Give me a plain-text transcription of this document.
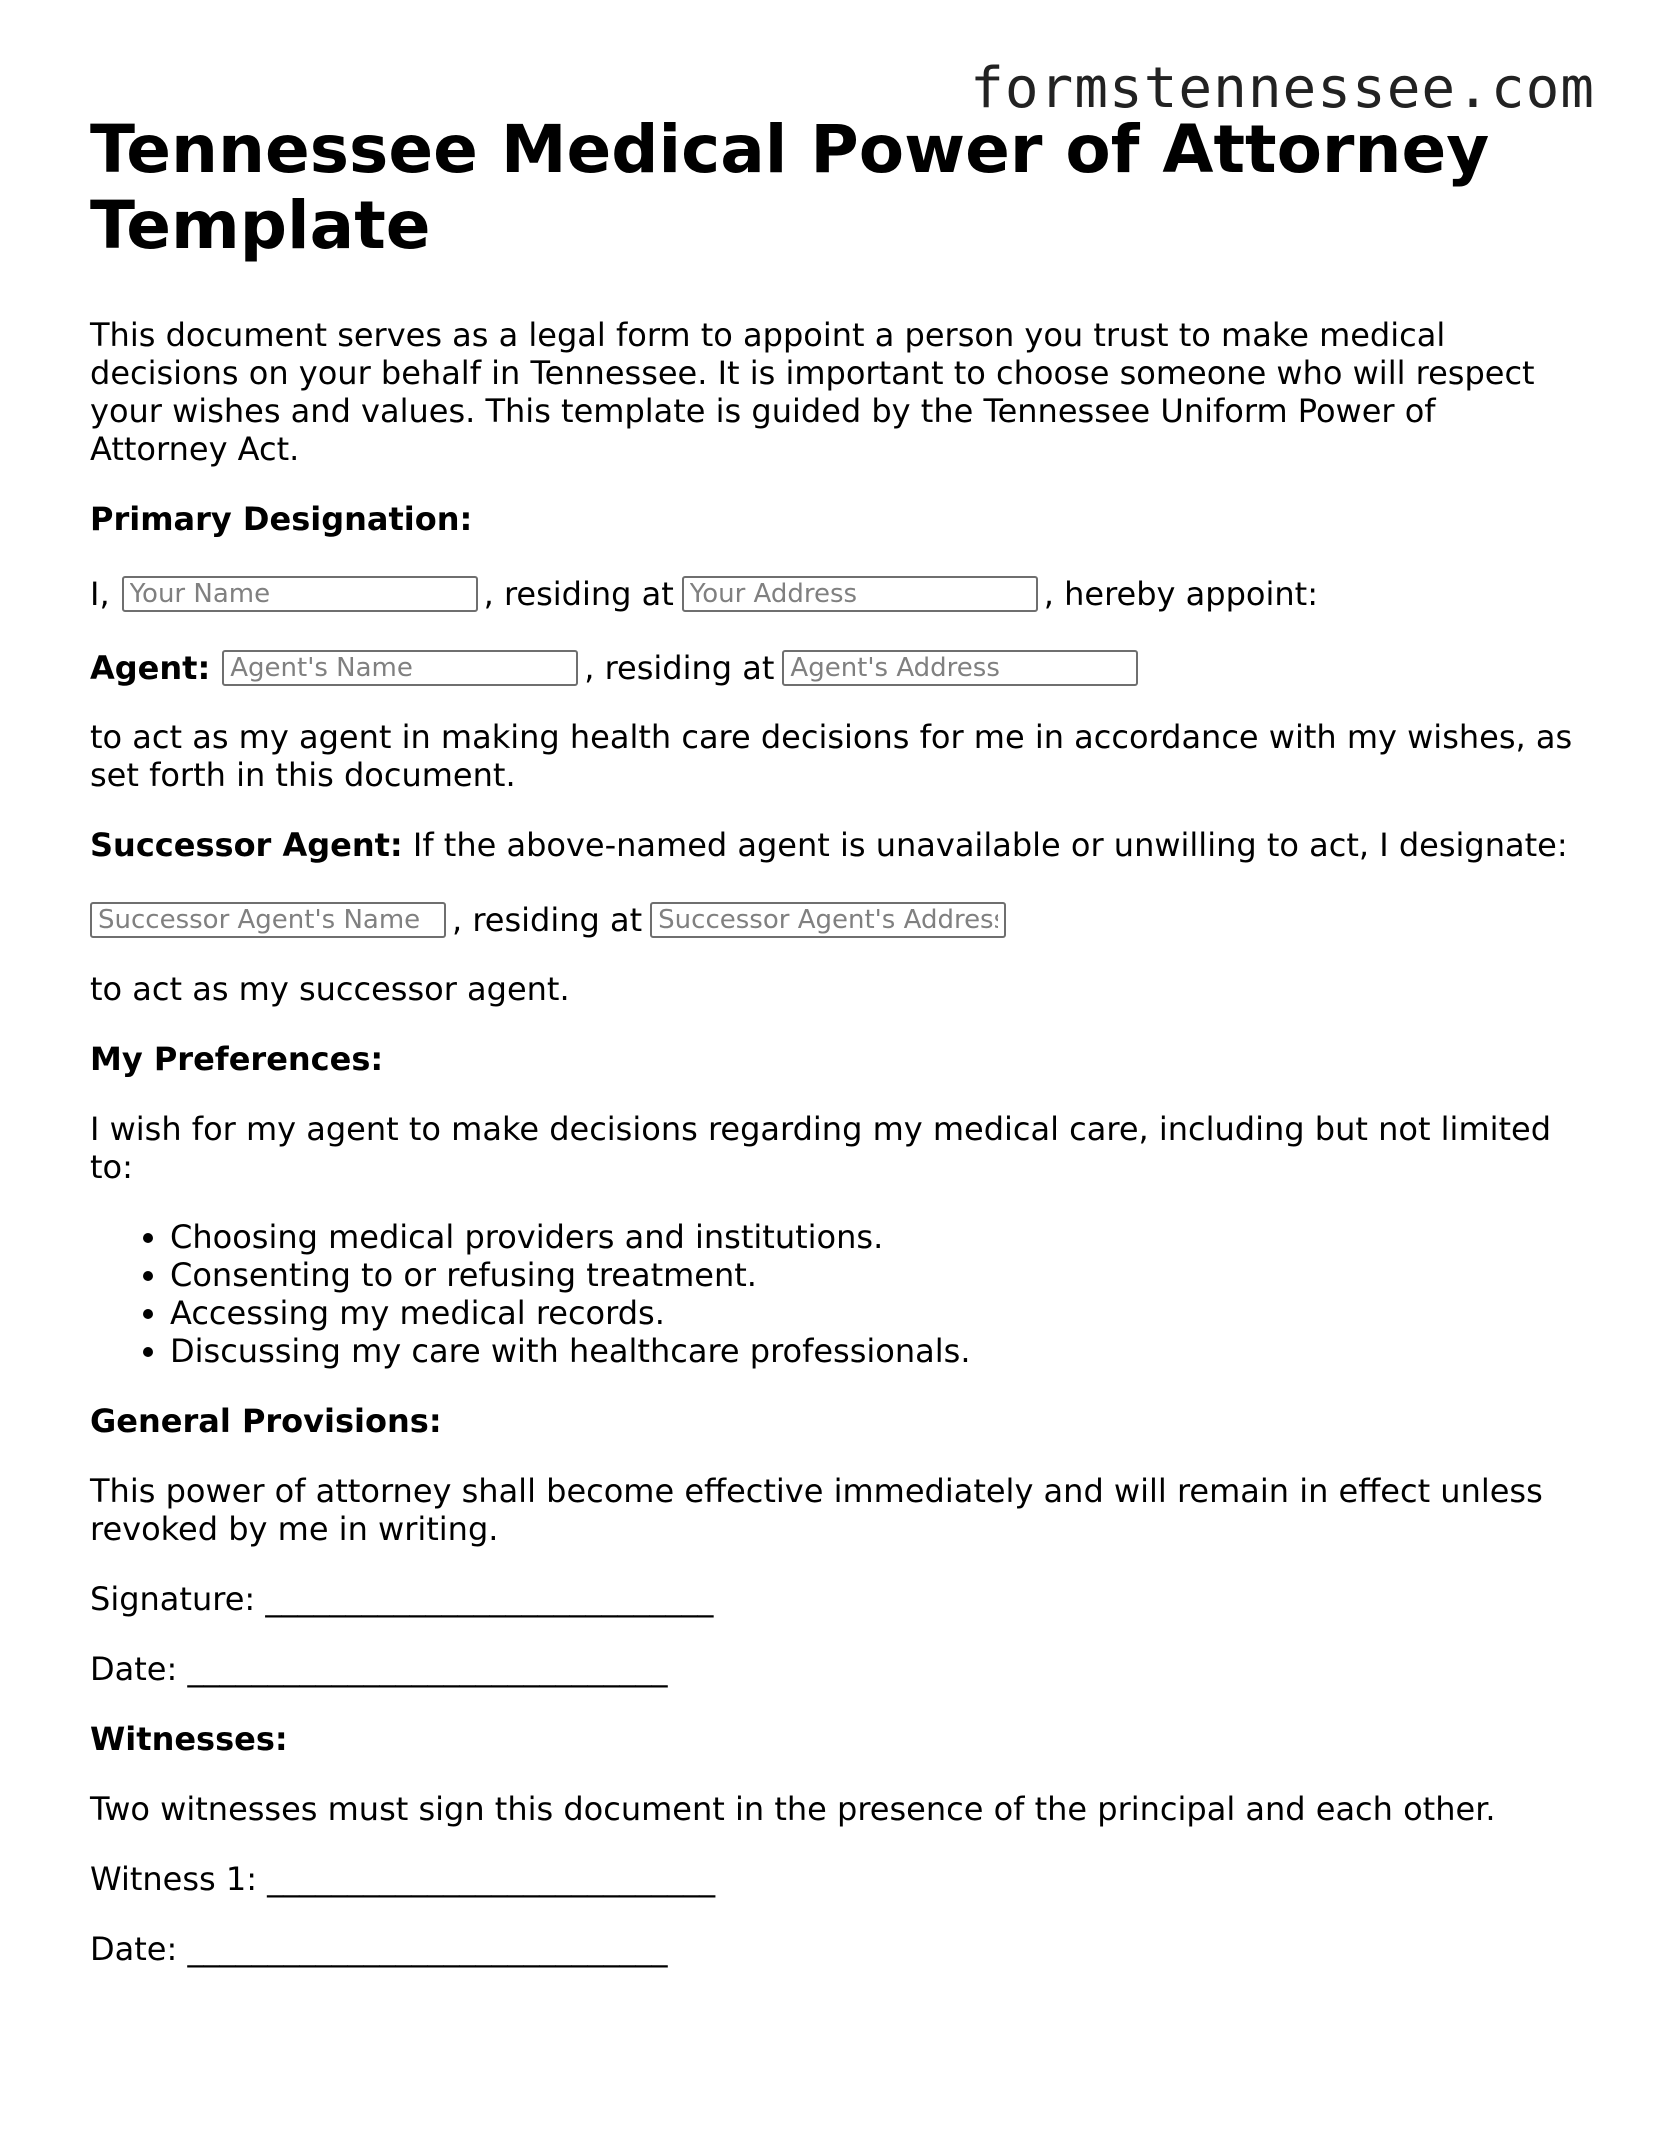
formstennessee.com
Tennessee Medical Power of Attorney Template

This document serves as a legal form to appoint a person you trust to make medical decisions on your behalf in Tennessee. It is important to choose someone who will respect your wishes and values. This template is guided by the Tennessee Uniform Power of Attorney Act.

Primary Designation:

I,
Your Name	, residing at
Your Address	, hereby appoint:
Agent:
Agent's Name	, residing at
Agent's Address

to act as my agent in making health care decisions for me in accordance with my wishes, as set forth in this document.

Successor Agent: If the above-named agent is unavailable or unwilling to act, I designate:

Successor Agent's Name
, residing at
Successor Agent's Address

to act as my successor agent.

My Preferences:

I wish for my agent to make decisions regarding my medical care, including but not limited to:

• Choosing medical providers and institutions.
• Consenting to or refusing treatment.
• Accessing my medical records.
• Discussing my care with healthcare professionals.

General Provisions:

This power of attorney shall become effective immediately and will remain in effect unless revoked by me in writing.

Signature: ____________________________

Date: ______________________________

Witnesses:

Two witnesses must sign this document in the presence of the principal and each other.

Witness 1: ____________________________

Date: ______________________________
